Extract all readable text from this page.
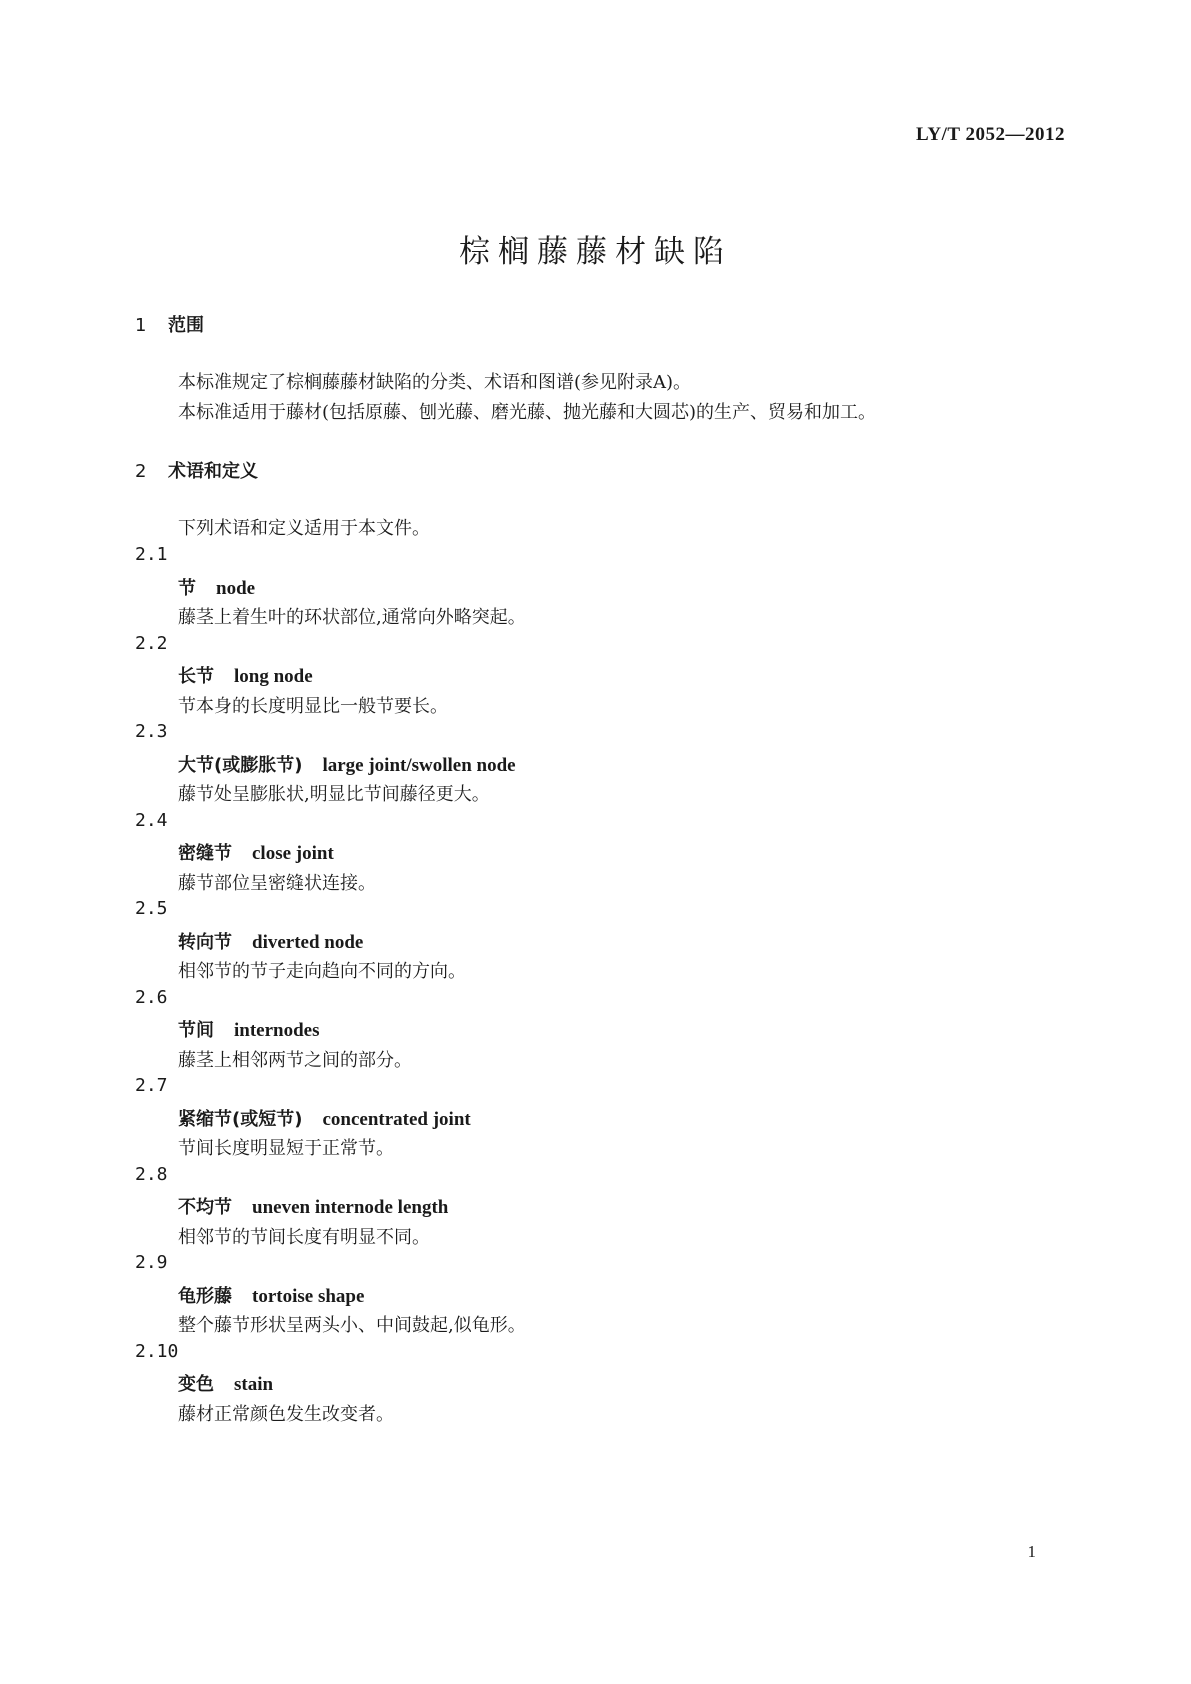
LY/T 2052—2012
棕榈藤藤材缺陷
1 范围
本标准规定了棕榈藤藤材缺陷的分类、术语和图谱(参见附录A)。
本标准适用于藤材(包括原藤、刨光藤、磨光藤、抛光藤和大圆芯)的生产、贸易和加工。
2 术语和定义
下列术语和定义适用于本文件。
2.1
节 node
藤茎上着生叶的环状部位,通常向外略突起。
2.2
长节 long node
节本身的长度明显比一般节要长。
2.3
大节(或膨胀节) large joint/swollen node
藤节处呈膨胀状,明显比节间藤径更大。
2.4
密缝节 close joint
藤节部位呈密缝状连接。
2.5
转向节 diverted node
相邻节的节子走向趋向不同的方向。
2.6
节间 internodes
藤茎上相邻两节之间的部分。
2.7
紧缩节(或短节) concentrated joint
节间长度明显短于正常节。
2.8
不均节 uneven internode length
相邻节的节间长度有明显不同。
2.9
龟形藤 tortoise shape
整个藤节形状呈两头小、中间鼓起,似龟形。
2.10
变色 stain
藤材正常颜色发生改变者。
1
